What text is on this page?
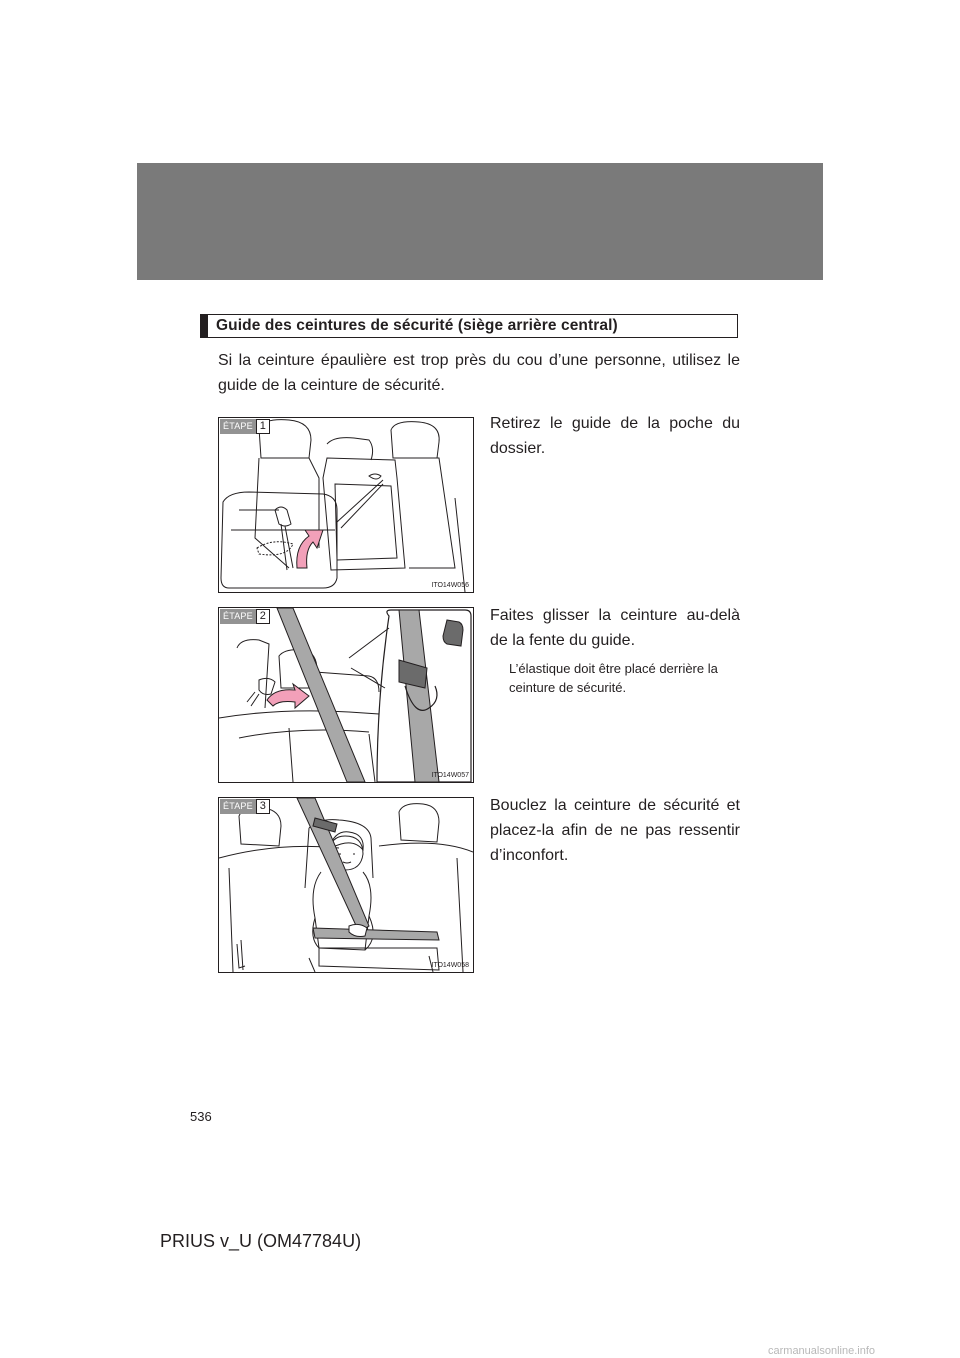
Guide des ceintures de sécurité (siège arrière central)
Si la ceinture épaulière est trop près du cou d’une personne, utilisez le guide de la ceinture de sécurité.
ÉTAPE 1
ITO14W056
Retirez le guide de la poche du dossier.
ÉTAPE 2
ITO14W057
Faites glisser la ceinture au-delà de la fente du guide.
L’élastique doit être placé derrière la ceinture de sécurité.
ÉTAPE 3
ITO14W058
Bouclez la ceinture de sécurité et placez-la afin de ne pas ressentir d’inconfort.
536
PRIUS v_U (OM47784U)
carmanualsonline.info
